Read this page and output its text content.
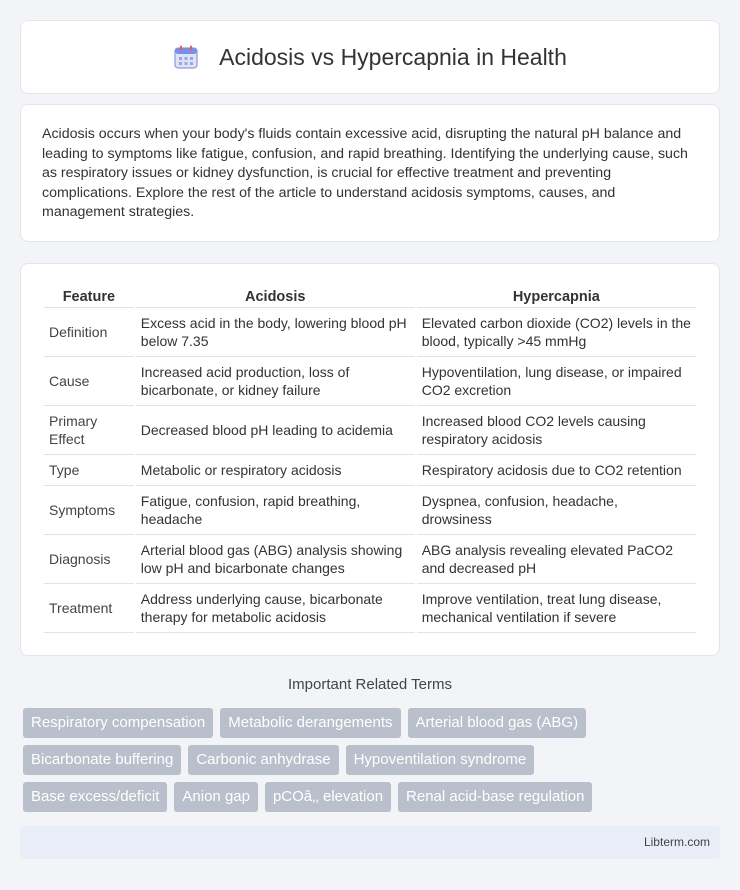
Acidosis vs Hypercapnia in Health

Acidosis occurs when your body's fluids contain excessive acid, disrupting the natural pH balance and leading to symptoms like fatigue, confusion, and rapid breathing. Identifying the underlying cause, such as respiratory issues or kidney dysfunction, is crucial for effective treatment and preventing complications. Explore the rest of the article to understand acidosis symptoms, causes, and management strategies.

Feature	Acidosis	Hypercapnia
Definition	Excess acid in the body, lowering blood pH below 7.35	Elevated carbon dioxide (CO2) levels in the blood, typically >45 mmHg
Cause	Increased acid production, loss of bicarbonate, or kidney failure	Hypoventilation, lung disease, or impaired CO2 excretion
Primary Effect	Decreased blood pH leading to acidemia	Increased blood CO2 levels causing respiratory acidosis
Type	Metabolic or respiratory acidosis	Respiratory acidosis due to CO2 retention
Symptoms	Fatigue, confusion, rapid breathing, headache	Dyspnea, confusion, headache, drowsiness
Diagnosis	Arterial blood gas (ABG) analysis showing low pH and bicarbonate changes	ABG analysis revealing elevated PaCO2 and decreased pH
Treatment	Address underlying cause, bicarbonate therapy for metabolic acidosis	Improve ventilation, treat lung disease, mechanical ventilation if severe
Important Related Terms
Respiratory compensation	Metabolic derangements	Arterial blood gas (ABG)
Bicarbonate buffering	Carbonic anhydrase	Hypoventilation syndrome
Base excess/deficit	Anion gap	pCOâ‚‚ elevation	Renal acid-base regulation
Libterm.com
